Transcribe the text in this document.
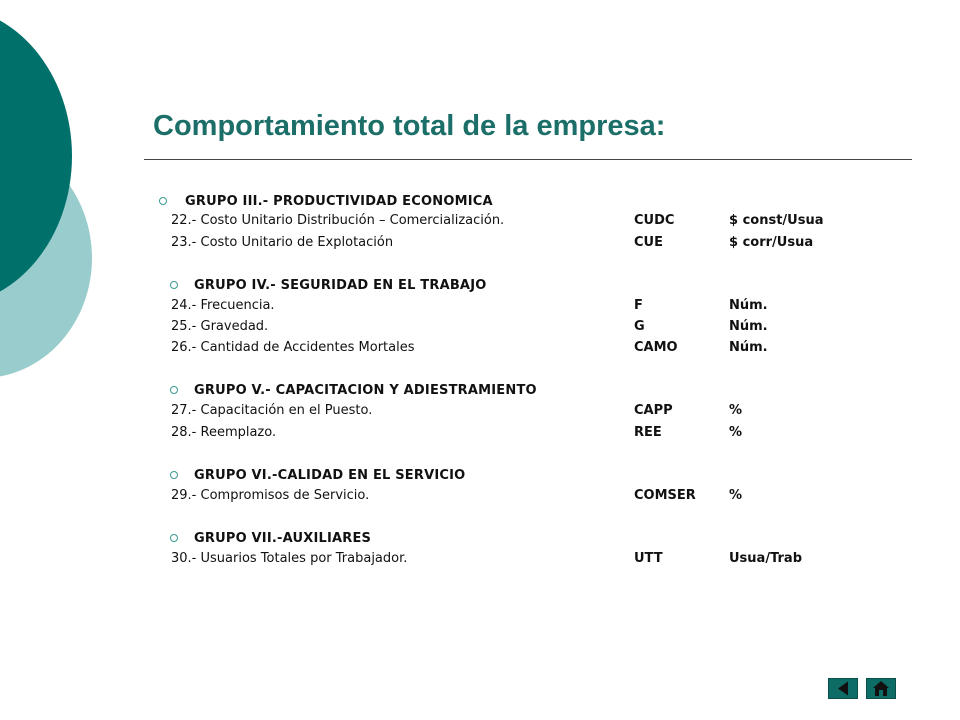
Comportamiento total de la empresa:
GRUPO III.- PRODUCTIVIDAD ECONOMICA
22.- Costo Unitario Distribución – Comercialización.	CUDC	$ const/Usua
23.- Costo Unitario de Explotación	CUE	$ corr/Usua
GRUPO IV.- SEGURIDAD EN EL TRABAJO
24.- Frecuencia.	F	Núm.
25.- Gravedad.	G	Núm.
26.- Cantidad de Accidentes Mortales	CAMO	Núm.
GRUPO V.- CAPACITACION Y ADIESTRAMIENTO
27.- Capacitación en el Puesto.	CAPP	%
28.- Reemplazo.	REE	%
GRUPO VI.-CALIDAD EN EL SERVICIO
29.- Compromisos de Servicio.	COMSER	%
GRUPO VII.-AUXILIARES
30.- Usuarios Totales por Trabajador.	UTT	Usua/Trab
